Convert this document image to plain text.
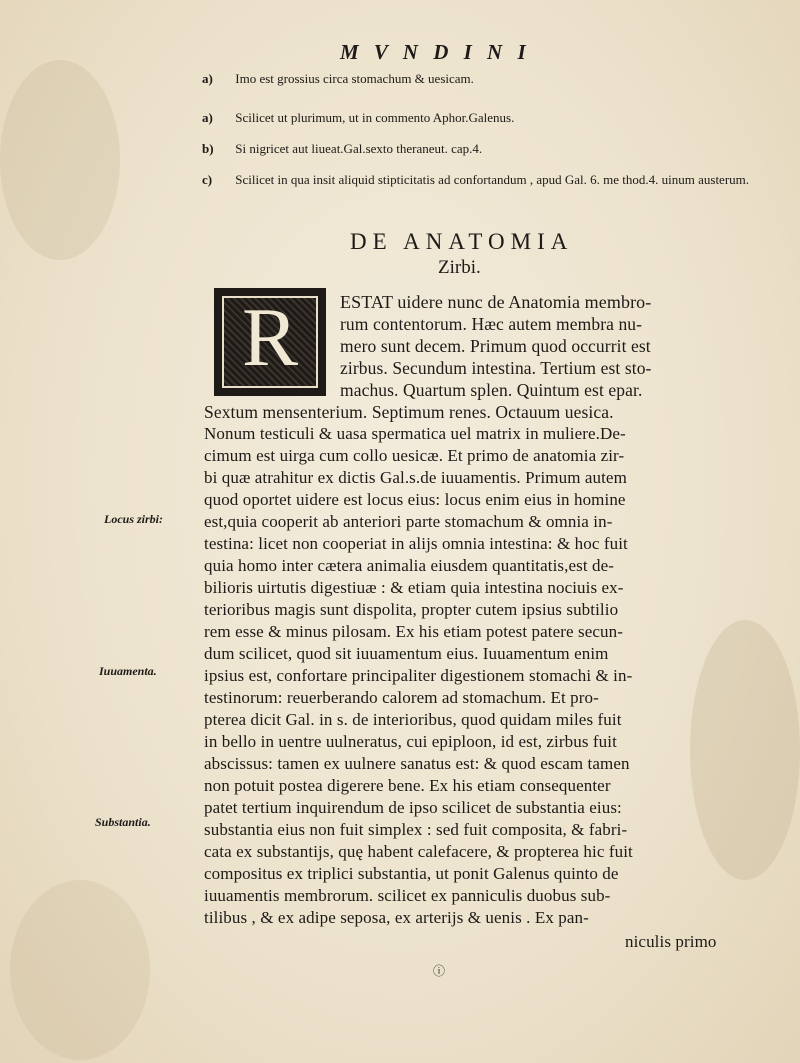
M V N D I N I
a) Imo est grossius circa stomachum & uesicam.
a) Scilicet ut plurimum, ut in commento Aphor.Galenus.
b) Si nigricet aut liueat.Gal.sexto theraneut. cap.4.
c) Scilicet in qua insit aliquid stipticitatis ad confortandum , apud Gal. 6. me thod.4. uinum austerum.
DE ANATOMIA
Zirbi.
R	ESTAT uidere nunc de Anatomia membro-
rum contentorum. Hæc autem membra nu-
mero sunt decem. Primum quod occurrit est
zirbus. Secundum intestina. Tertium est sto-
machus. Quartum splen. Quintum est epar.
Sextum mensenterium. Septimum renes. Octauum uesica.
Nonum testiculi & uasa spermatica uel matrix in muliere.De-
cimum est uirga cum collo uesicæ. Et primo de anatomia zir-
bi quæ atrahitur ex dictis Gal.s.de iuuamentis. Primum autem
quod oportet uidere est locus eius: locus enim eius in homine
est,quia cooperit ab anteriori parte stomachum & omnia in-
testina: licet non cooperiat in alijs omnia intestina: & hoc fuit
quia homo inter cætera animalia eiusdem quantitatis,est de-
bilioris uirtutis digestiuæ : & etiam quia intestina nociuis ex-
terioribus magis sunt dispolita, propter cutem ipsius subtilio
rem esse & minus pilosam. Ex his etiam potest patere secun-
dum scilicet, quod sit iuuamentum eius. Iuuamentum enim
ipsius est, confortare principaliter digestionem stomachi & in-
testinorum: reuerberando calorem ad stomachum. Et pro-
pterea dicit Gal. in s. de interioribus, quod quidam miles fuit
in bello in uentre uulneratus, cui epiploon, id est, zirbus fuit
abscissus: tamen ex uulnere sanatus est: & quod escam tamen
non potuit postea digerere bene. Ex his etiam consequenter
patet tertium inquirendum de ipso scilicet de substantia eius:
substantia eius non fuit simplex : sed fuit composita, & fabri-
cata ex substantijs, quę habent calefacere, & propterea hic fuit
compositus ex triplici substantia, ut ponit Galenus quinto de
iuuamentis membrorum. scilicet ex panniculis duobus sub-
tilibus , & ex adipe seposa, ex arterijs & uenis . Ex pan-
niculis primo
Locus zirbi:
Iuuamenta.
Substantia.
ⓘ
